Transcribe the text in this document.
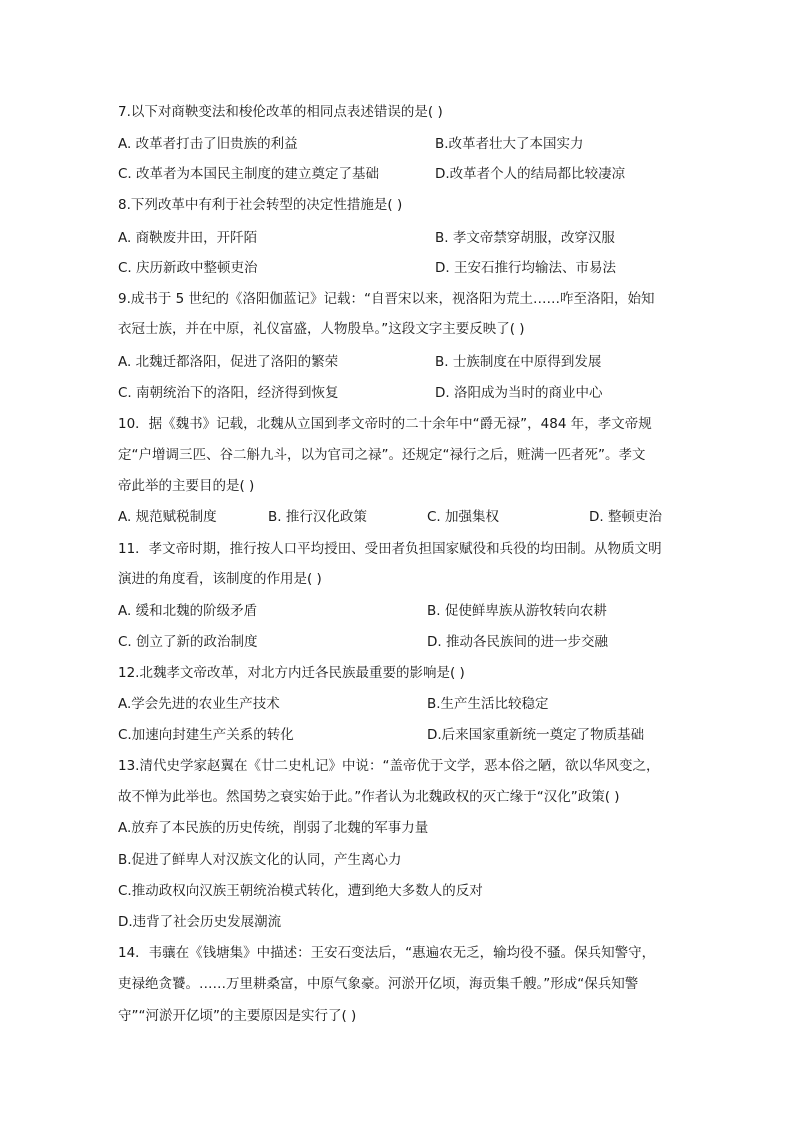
7.以下对商鞅变法和梭伦改革的相同点表述错误的是( )
A. 改革者打击了旧贵族的利益	B.改革者壮大了本国实力
C. 改革者为本国民主制度的建立奠定了基础	D.改革者个人的结局都比较凄凉
8.下列改革中有利于社会转型的决定性措施是( )
A. 商鞅废井田，开阡陌	B. 孝文帝禁穿胡服，改穿汉服
C. 庆历新政中整顿吏治	D. 王安石推行均输法、市易法
9.成书于 5 世纪的《洛阳伽蓝记》记载：“自晋宋以来，视洛阳为荒土……咋至洛阳，始知
衣冠士族，并在中原，礼仪富盛，人物殷阜。”这段文字主要反映了( )
A. 北魏迁都洛阳，促进了洛阳的繁荣	B. 士族制度在中原得到发展
C. 南朝统治下的洛阳，经济得到恢复	D. 洛阳成为当时的商业中心
10．据《魏书》记载，北魏从立国到孝文帝时的二十余年中“爵无禄”，484 年，孝文帝规
定“户增调三匹、谷二斛九斗，以为官司之禄”。还规定“禄行之后，赃满一匹者死”。孝文
帝此举的主要目的是( )
A. 规范赋税制度	B. 推行汉化政策	C. 加强集权	D. 整顿吏治
11．孝文帝时期，推行按人口平均授田、受田者负担国家赋役和兵役的均田制。从物质文明
演进的角度看，该制度的作用是( )
A. 缓和北魏的阶级矛盾	B. 促使鲜卑族从游牧转向农耕
C. 创立了新的政治制度	D. 推动各民族间的进一步交融
12.北魏孝文帝改革，对北方内迁各民族最重要的影响是( )
A.学会先进的农业生产技术	B.生产生活比较稳定
C.加速向封建生产关系的转化	D.后来国家重新统一奠定了物质基础
13.清代史学家赵翼在《廿二史札记》中说：“盖帝优于文学，恶本俗之陋，欲以华风变之，
故不惮为此举也。然国势之衰实始于此。”作者认为北魏政权的灭亡缘于“汉化”政策( )
A.放弃了本民族的历史传统，削弱了北魏的军事力量
B.促进了鲜卑人对汉族文化的认同，产生离心力
C.推动政权向汉族王朝统治模式转化，遭到绝大多数人的反对
D.违背了社会历史发展潮流
14．韦骧在《钱塘集》中描述：王安石变法后，“惠遍农无乏，输均役不骚。保兵知警守，
吏禄绝贪饕。……万里耕桑富，中原气象豪。河淤开亿顷，海贡集千艘。”形成“保兵知警
守”“河淤开亿顷”的主要原因是实行了( )
